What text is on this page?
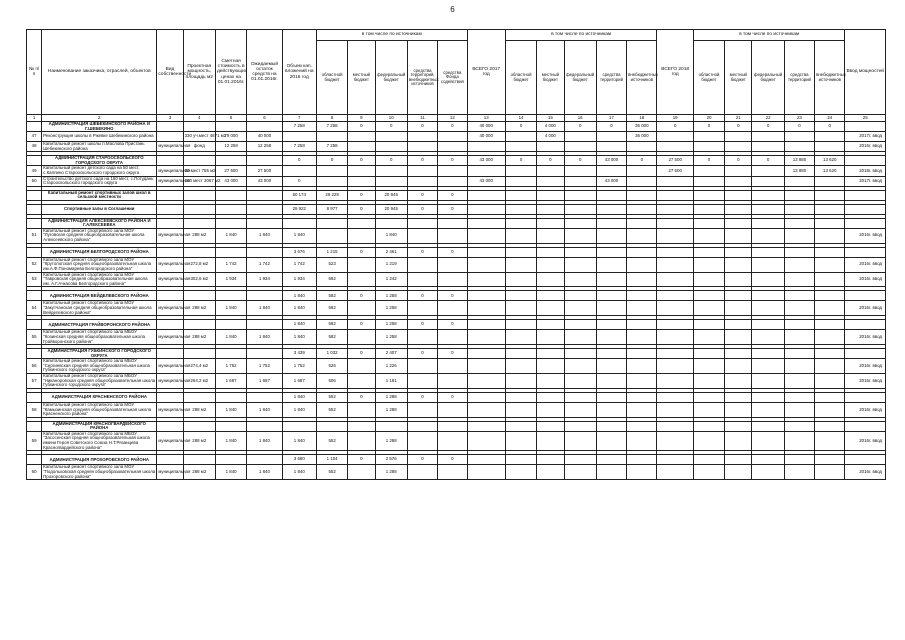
6
№ п/п	Наименование заказчика, отраслей, объектов	Вид собственности	Проектная мощность, площадь м2	Сметная стоимость в действующих ценах на 01.01.2016г.	Ожидаемый остаток средств на 01.01.2016г.	Объем кап. вложений на 2016 год	в том числе по источникам					ВСЕГО 2017 год	в том числе по источникам					ВСЕГО 2018 год	в том числе по источникам					Ввод мощностей
							областной бюджет	местный бюджет	федеральный бюджет	средства территорий, внебюджетных источников	средства Фонда содействия		областной бюджет	местный бюджет	федеральный бюджет	средства территорий	внебюджетных источников		областной бюджет	местный бюджет	федеральный бюджет	средства территорий	внебюджетных источников	
1	2	3	4	5	6	7	8	9	10	11	12	13	14	15	16	17	18	19	20	21	22	23	24	25
	АДМИНИСТРАЦИЯ ШЕБЕКИНСКОГО РАЙОНА И Г.ШЕБЕКИНО					7 258	7 258	0	0	0	0	40 000	0	4 000	0	0	36 000	0	0	0	0	0	0	
47	Реконструкция школы в Ржевке Шебекинского района		330 уч.мест 4871 м2	79 000	40 000							40 000		4 000			36 000							2017г. ввод
48	Капитальный ремонт школы п.Маслова Пристань Шебекинского района	муниципальная	фонд	12 258	12 258	7 258	7 258																	2016г. ввод

	АДМИНИСТРАЦИЯ СТАРООСКОЛЬСКОГО ГОРОДСКОГО ОКРУГА					0	0	0	0	0	0	43 000	0	0	0	43 000	0	27 500	0	0	0	13 880	13 620	
49	Капитальный ремонт детского сада на 50 мест, с.Каплино Старооскольского городского округа	муниципальная	50 мест 755 м2	27 500	27 500													27 500				13 880	13 620	2018г. ввод
50	Строительство детского сада на 160 мест, с.Потудань Старооскольского городского округа	муниципальная	160 мест 3067 м2	43 000	43 000	0						43 000				43 000								2017г. ввод

	Капитальный ремонт спортивных залов школ в сельской местности					50 174	29 229	0	20 945	0	0													

	Спортивные залы в Соглашении					29 922	8 977	0	20 945	0	0													

	АДМИНИСТРАЦИЯ АЛЕКСЕЕВСКОГО РАЙОНА И Г.АЛЕКСЕЕВКА																							
51	Капитальный ремонт спортивного зала МОУ "Луговская средняя общеобразовательная школа Алексеевского района"	муниципальная	288 м2	1 840	1 840	1 840			1 840															2016г. ввод

	АДМИНИСТРАЦИЯ БЕЛГОРОДСКОГО РАЙОНА					3 676	1 215	0	2 461	0	0													
52	Капитальный ремонт спортивного зала МОУ "Крутологская средняя общеобразовательная школа им.А.Ф.Пономарева Белгородского района"	муниципальная	272,8 м2	1 742	1 742	1 742	523		1 219															2016г. ввод
53	Капитальный ремонт спортивного зала МОУ "Тавровская средняя общеобразовательная школа им. А.Г.Ачкасова Белгородского района"	муниципальная	302,6 м2	1 934	1 934	1 934	692		1 242															2016г. ввод

	АДМИНИСТРАЦИЯ ВЕЙДЕЛЕВСКОГО РАЙОНА					1 840	582	0	1 258	0	0													
54	Капитальный ремонт спортивного зала МОУ "Закутчанская средняя общеобразовательная школа Вейделевского района"	муниципальная	288 м2	1 840	1 840	1 840	582		1 258															2016г. ввод

	АДМИНИСТРАЦИЯ ГРАЙВОРОНСКОГО РАЙОНА					1 840	582	0	1 258	0	0													
55	Капитальный ремонт спортивного зала МБОУ "Козинская средняя общеобразовательная школа Грайворонского района"	муниципальная	288 м2	1 840	1 840	1 840	582		1 258															2016г. ввод

	АДМИНИСТРАЦИЯ ГУБКИНСКОГО ГОРОДСКОГО ОКРУГА					3 439	1 032	0	2 407	0	0													
56	Капитальный ремонт спортивного зала МБОУ "Сергиевская средняя общеобразовательная школа Губкинского городского округа"	муниципальная	274,4 м2	1 752	1 752	1 752	526		1 226															2016г. ввод
57	Капитальный ремонт спортивного зала МБОУ "Никаноровская средняя общеобразовательная школа Губкинского городского округа"	муниципальная	264,2 м2	1 687	1 687	1 687	506		1 181															2016г. ввод

	АДМИНИСТРАЦИЯ КРАСНЕНСКОГО РАЙОНА					1 840	552	0	1 288	0	0													
58	Капитальный ремонт спортивного зала МОУ "Камызинская средняя общеобразовательная школа Красненского района"	муниципальная	288 м2	1 840	1 840	1 840	552		1 288															2016г. ввод

	АДМИНИСТРАЦИЯ КРАСНОГВАРДЕЙСКОГО РАЙОНА																							
59	Капитальный ремонт спортивного зала МБОУ "Засосенская средняя общеобразовательная школа имени Героя Советского Союза Н.Т.Рязанцева Красногвардейского района"	муниципальная	288 м2	1 840	1 840	1 840	552		1 288															2016г. ввод

	АДМИНИСТРАЦИЯ ПРОХОРОВСКОГО РАЙОНА					3 680	1 104	0	2 576	0	0													
60	Капитальный ремонт спортивного зала МОУ "Подольховская средняя общеобразовательная школа Прохоровского района"	муниципальная	288 м2	1 840	1 840	1 840	552		1 288															2016г. ввод
